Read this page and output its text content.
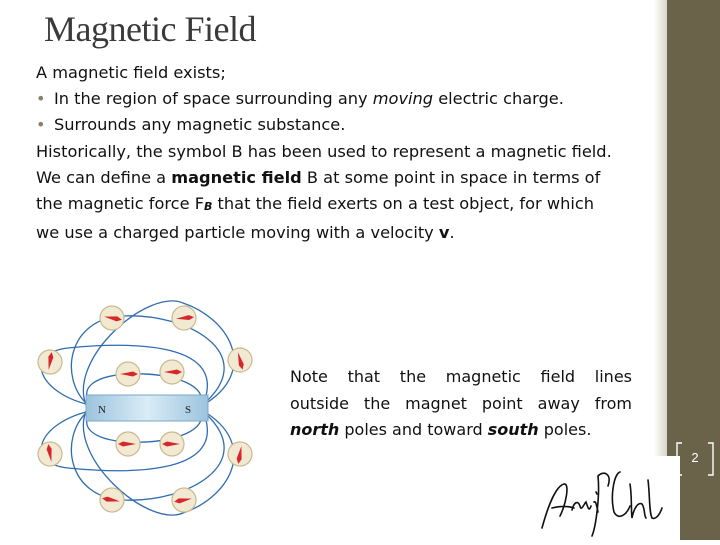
Magnetic Field
A magnetic field exists;
• In the region of space surrounding any moving electric charge.
• Surrounds any magnetic substance.
Historically, the symbol B has been used to represent a magnetic field.
We can define a magnetic field B at some point in space in terms of
the magnetic force $F_B$ that the field exerts on a test object, for which
we use a charged particle moving with a velocity v.
N	S
Note that the magnetic field lines
outside the magnet point away from
north poles and toward south poles.
2
